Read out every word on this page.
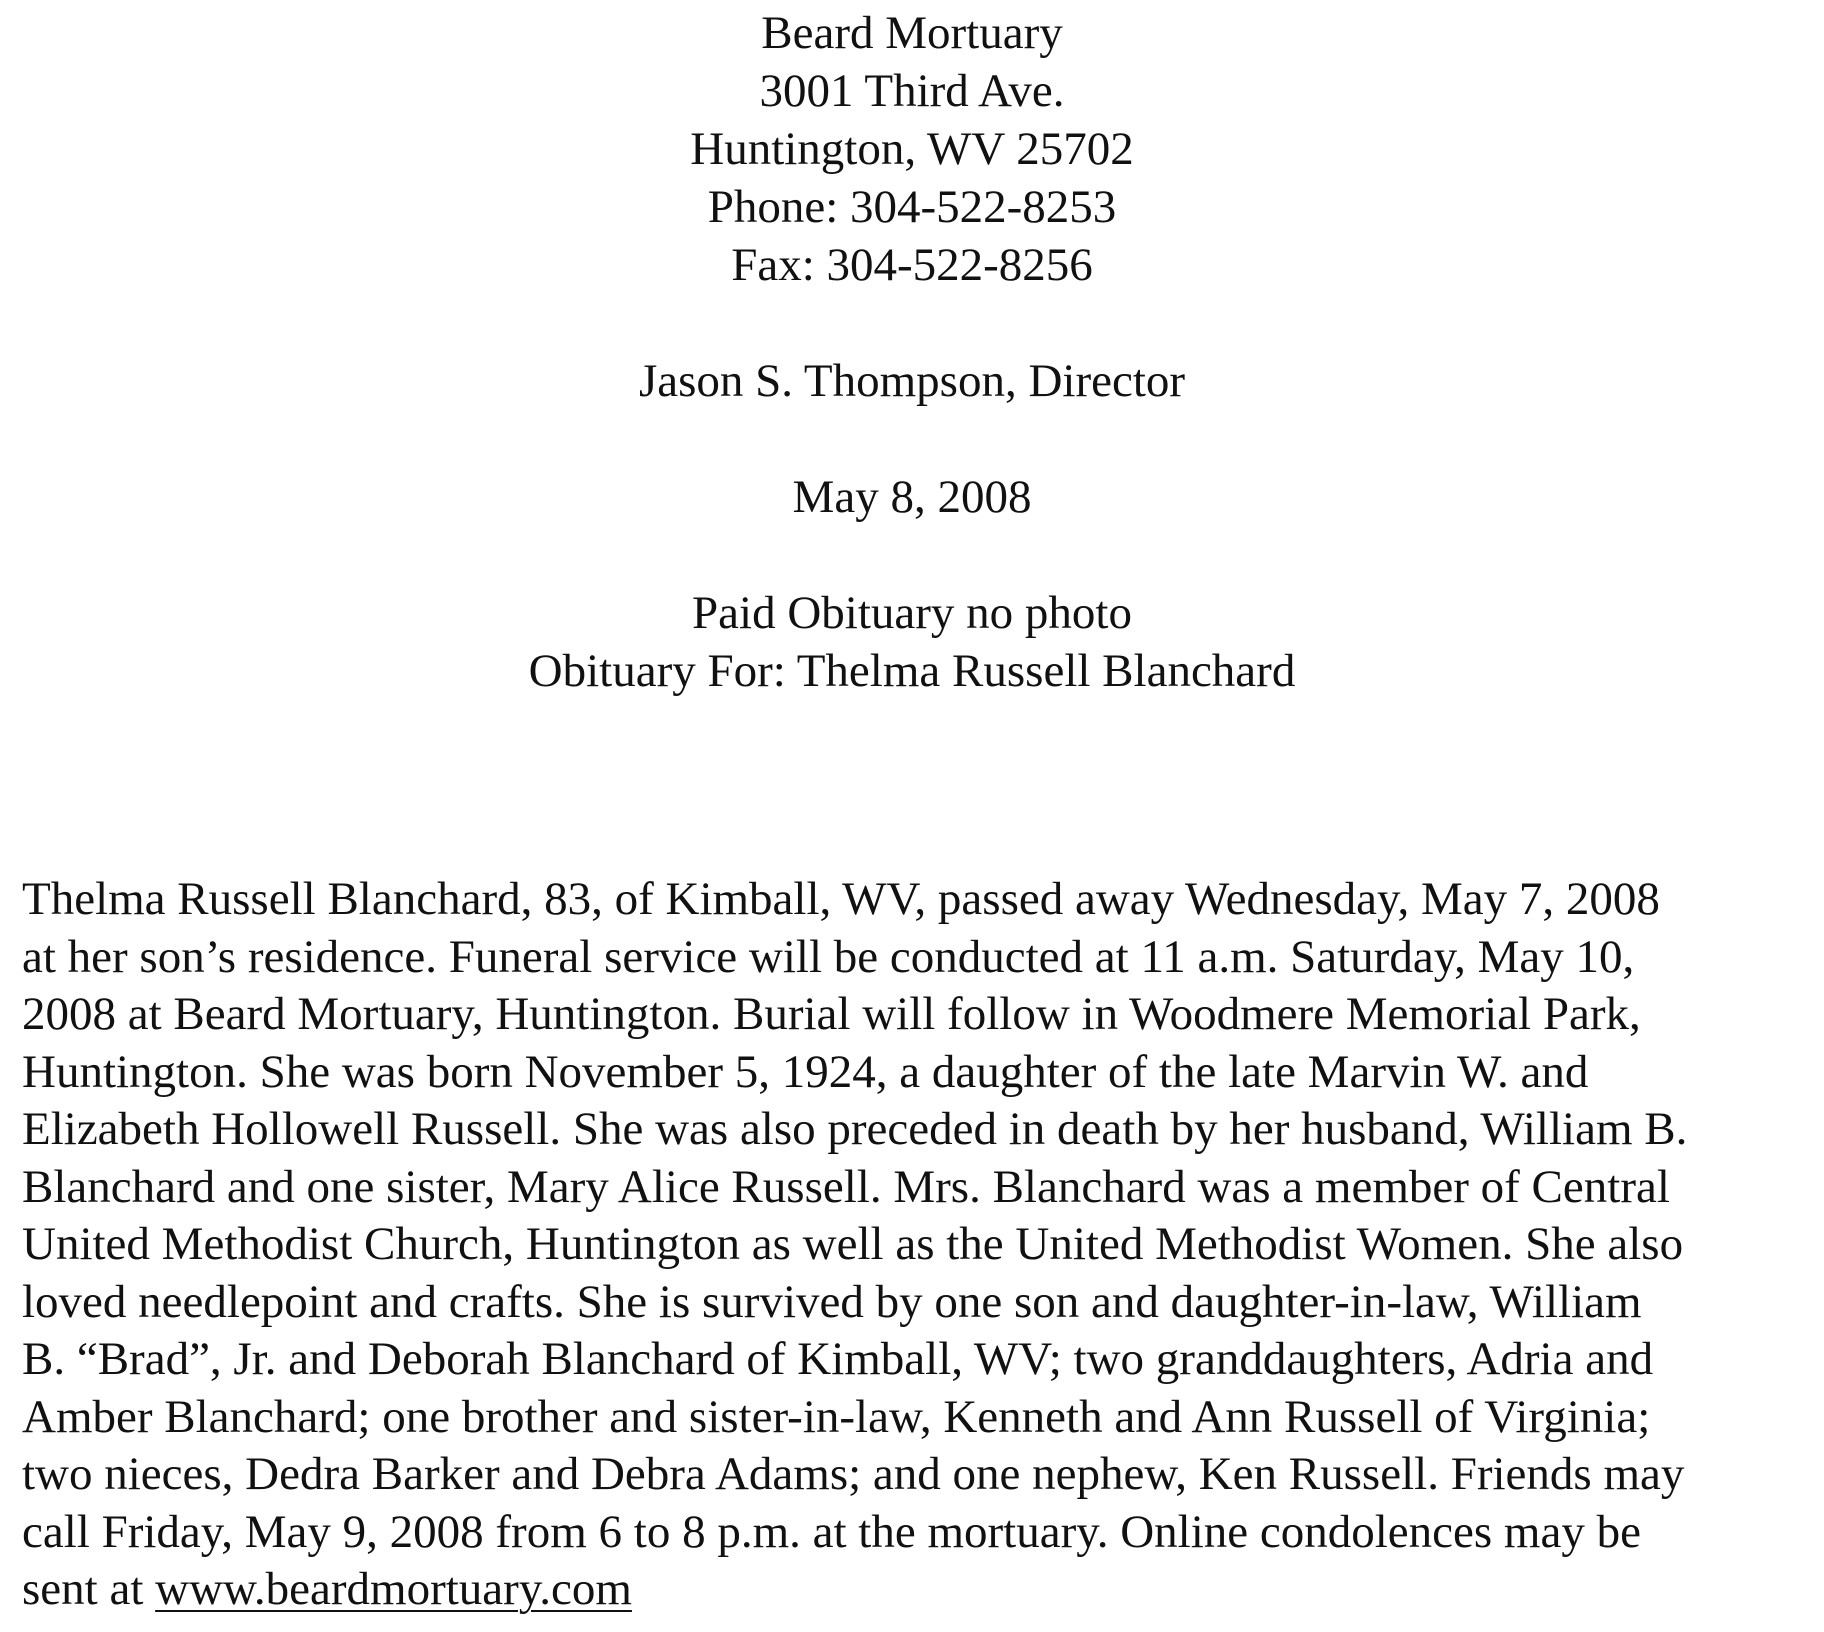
Beard Mortuary
3001 Third Ave.
Huntington, WV 25702
Phone: 304-522-8253
Fax: 304-522-8256
Jason S. Thompson, Director
May 8, 2008
Paid Obituary no photo
Obituary For: Thelma Russell Blanchard
Thelma Russell Blanchard, 83, of Kimball, WV, passed away Wednesday, May 7, 2008
at her son’s residence. Funeral service will be conducted at 11 a.m. Saturday, May 10,
2008 at Beard Mortuary, Huntington. Burial will follow in Woodmere Memorial Park,
Huntington. She was born November 5, 1924, a daughter of the late Marvin W. and
Elizabeth Hollowell Russell. She was also preceded in death by her husband, William B.
Blanchard and one sister, Mary Alice Russell. Mrs. Blanchard was a member of Central
United Methodist Church, Huntington as well as the United Methodist Women. She also
loved needlepoint and crafts. She is survived by one son and daughter-in-law, William
B. “Brad”, Jr. and Deborah Blanchard of Kimball, WV; two granddaughters, Adria and
Amber Blanchard; one brother and sister-in-law, Kenneth and Ann Russell of Virginia;
two nieces, Dedra Barker and Debra Adams; and one nephew, Ken Russell. Friends may
call Friday, May 9, 2008 from 6 to 8 p.m. at the mortuary. Online condolences may be
sent at www.beardmortuary.com
